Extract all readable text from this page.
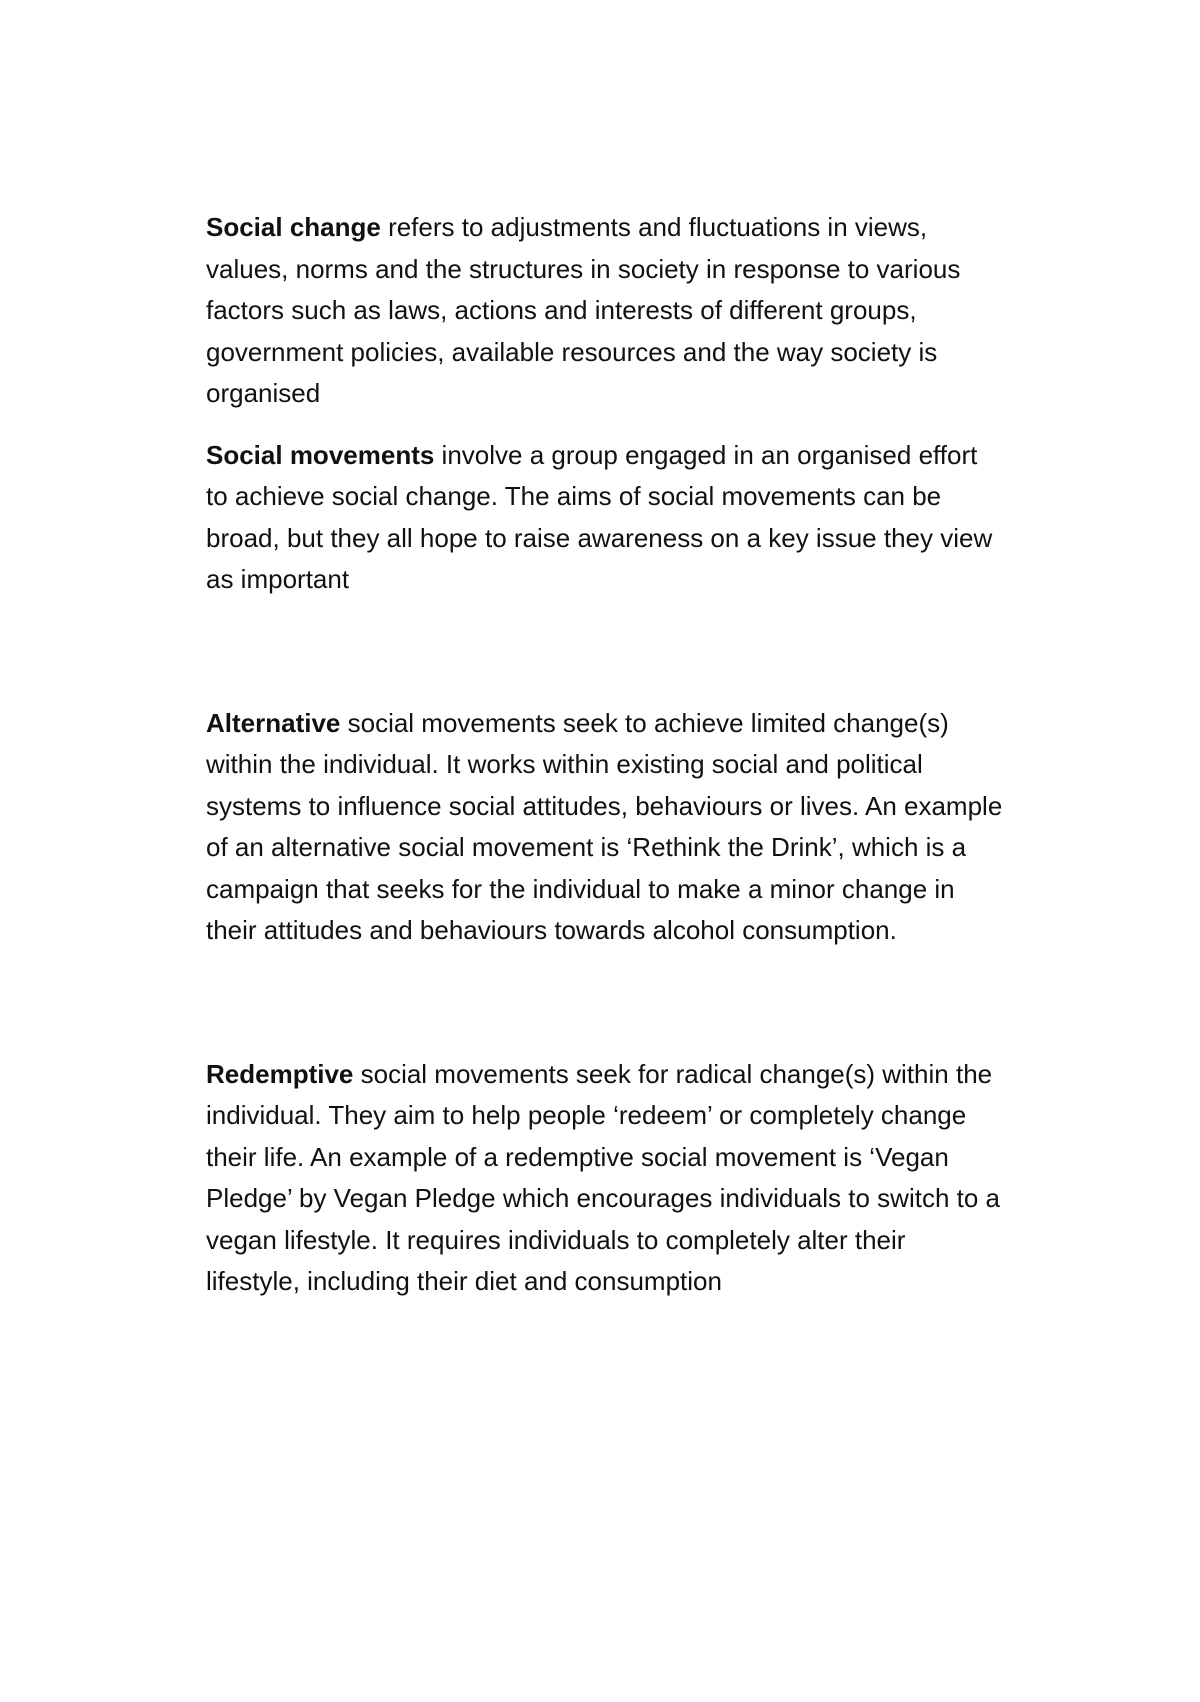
Social change refers to adjustments and fluctuations in views, values, norms and the structures in society in response to various factors such as laws, actions and interests of different groups, government policies, available resources and the way society is organised

Social movements involve a group engaged in an organised effort to achieve social change. The aims of social movements can be broad, but they all hope to raise awareness on a key issue they view as important

Alternative social movements seek to achieve limited change(s) within the individual. It works within existing social and political systems to influence social attitudes, behaviours or lives. An example of an alternative social movement is ‘Rethink the Drink’, which is a campaign that seeks for the individual to make a minor change in their attitudes and behaviours towards alcohol consumption.

Redemptive social movements seek for radical change(s) within the individual. They aim to help people ‘redeem’ or completely change their life. An example of a redemptive social movement is ‘Vegan Pledge’ by Vegan Pledge which encourages individuals to switch to a vegan lifestyle. It requires individuals to completely alter their lifestyle, including their diet and consumption
